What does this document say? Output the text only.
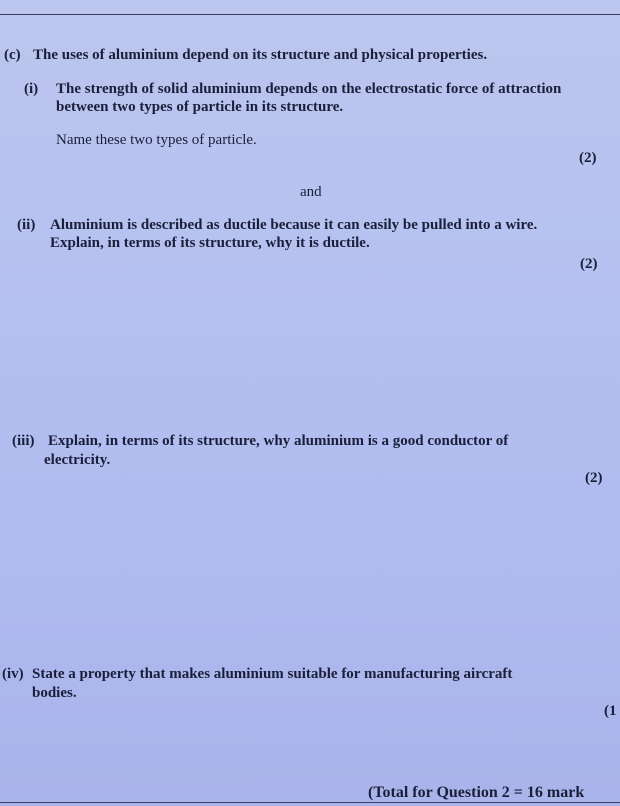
(c) The uses of aluminium depend on its structure and physical properties.
(i) The strength of solid aluminium depends on the electrostatic force of attraction
between two types of particle in its structure.
Name these two types of particle.
(2)
and
(ii) Aluminium is described as ductile because it can easily be pulled into a wire.
Explain, in terms of its structure, why it is ductile.
(2)
(iii) Explain, in terms of its structure, why aluminium is a good conductor of
electricity.
(2)
(iv) State a property that makes aluminium suitable for manufacturing aircraft
bodies.
(1
(Total for Question 2 = 16 mark
